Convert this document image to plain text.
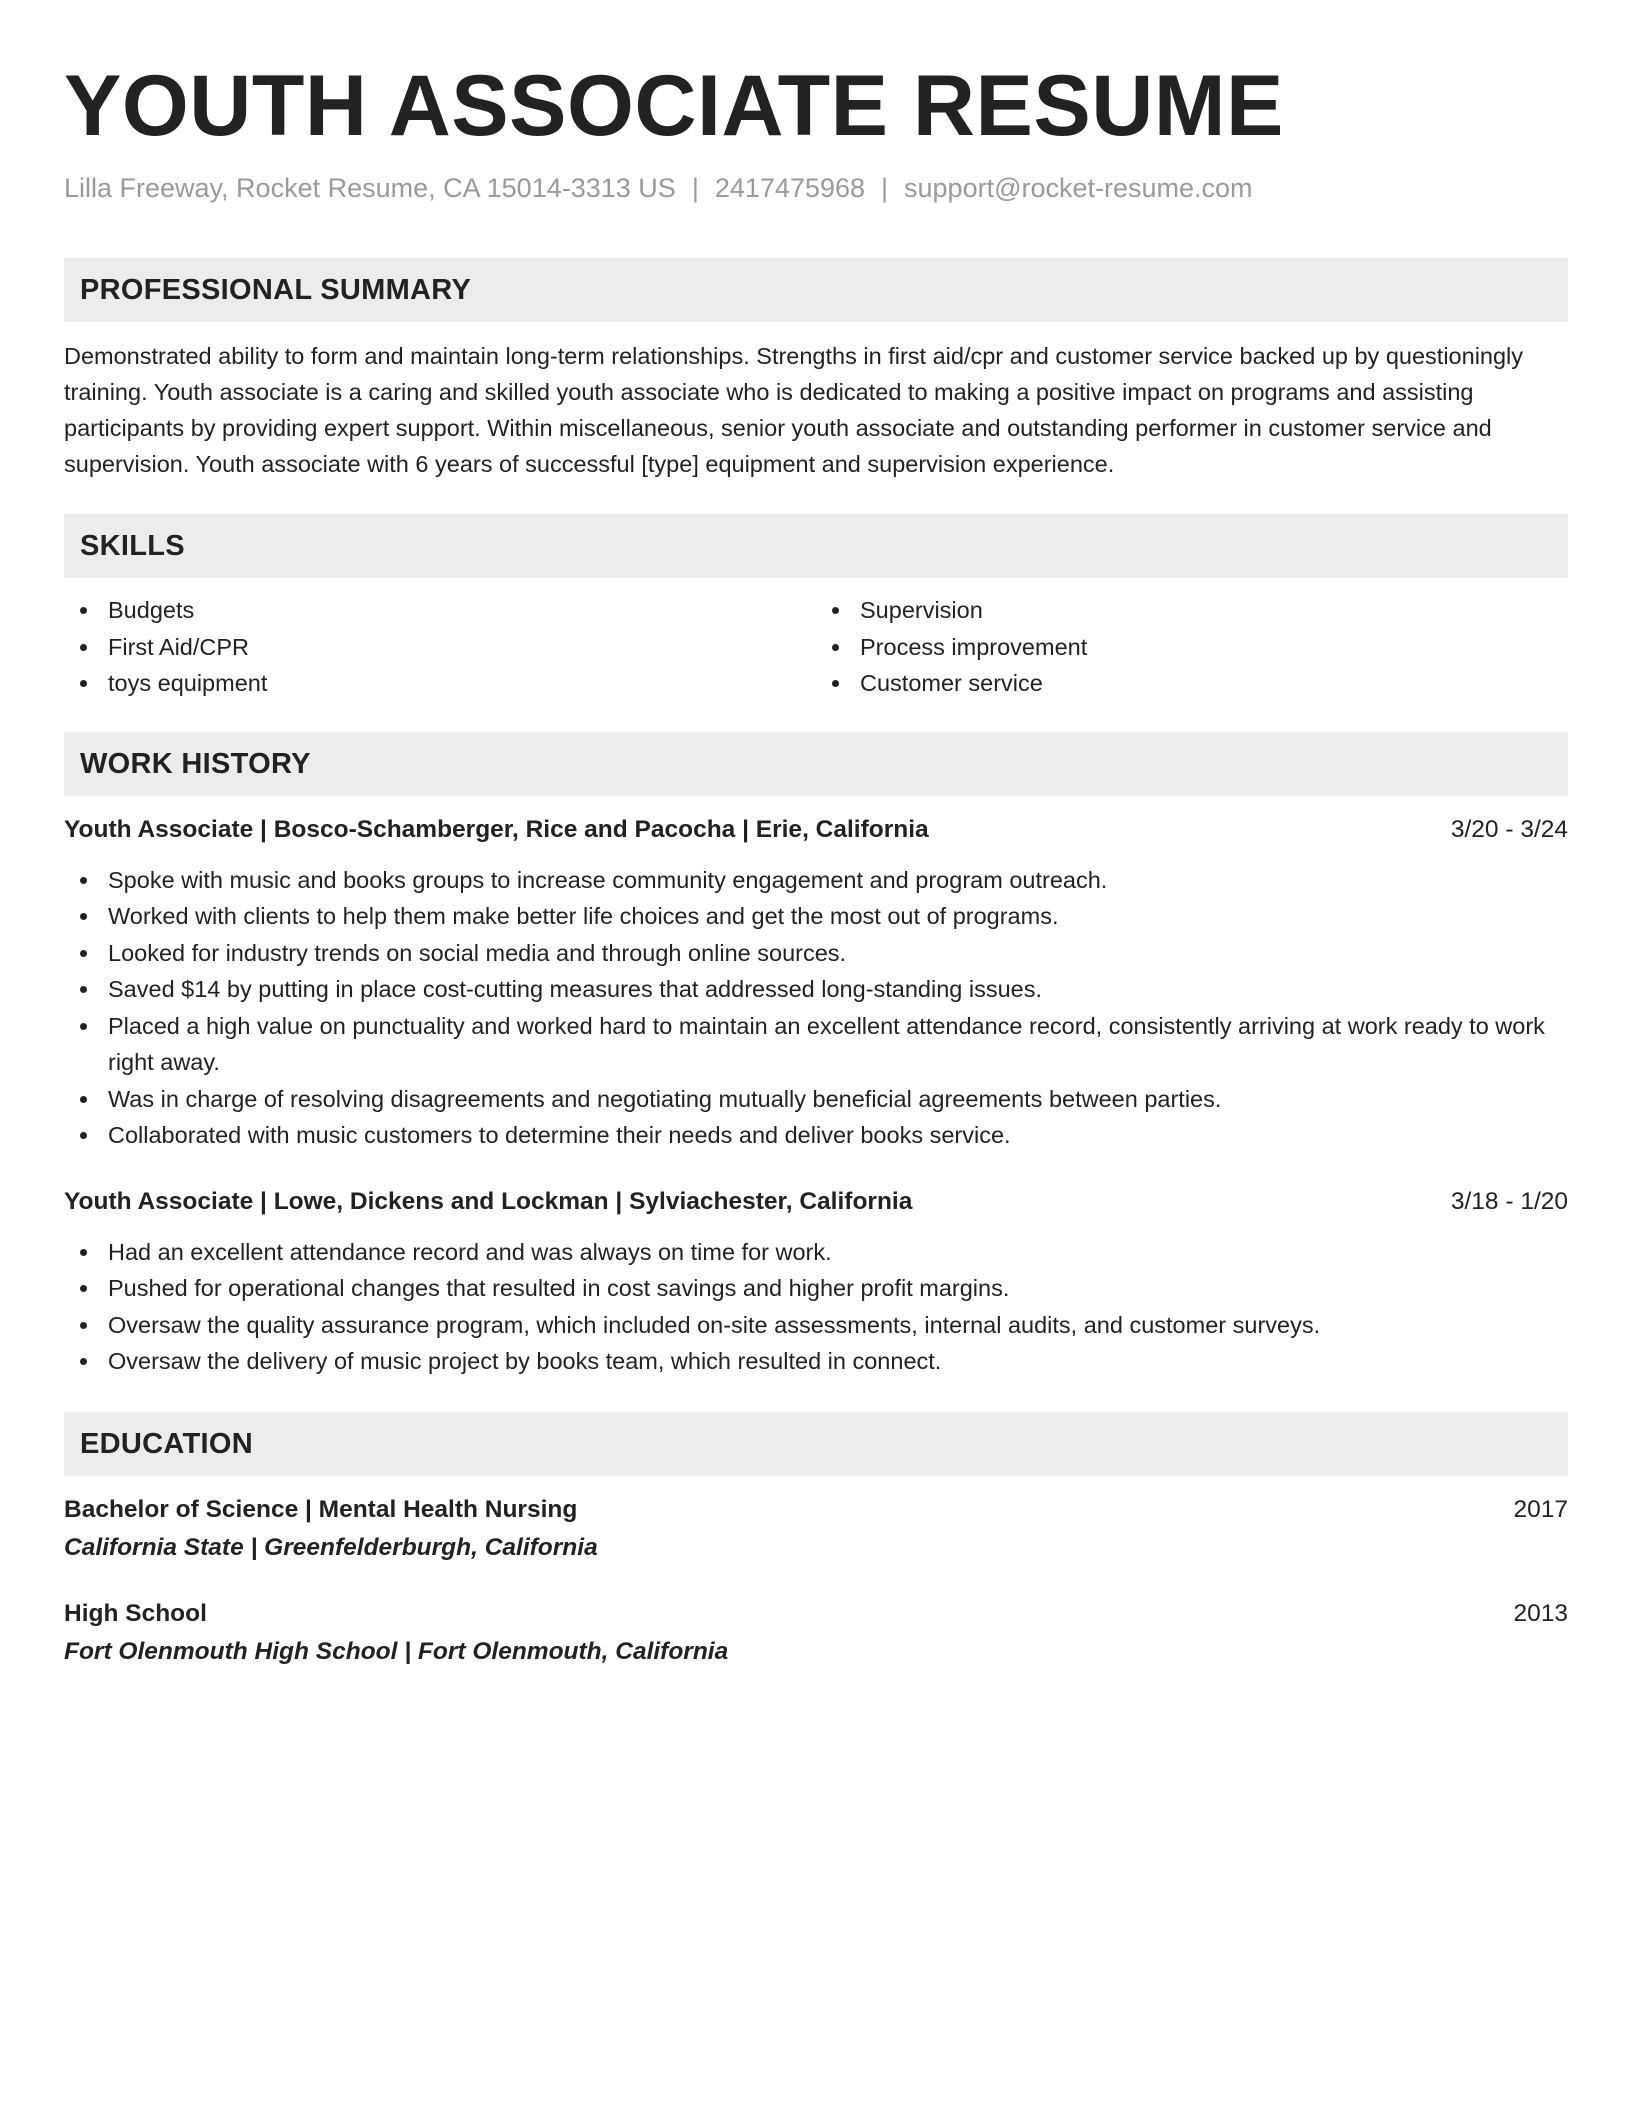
YOUTH ASSOCIATE RESUME
Lilla Freeway, Rocket Resume, CA 15014-3313 US | 2417475968 | support@rocket-resume.com
PROFESSIONAL SUMMARY
Demonstrated ability to form and maintain long-term relationships. Strengths in first aid/cpr and customer service backed up by questioningly training. Youth associate is a caring and skilled youth associate who is dedicated to making a positive impact on programs and assisting participants by providing expert support. Within miscellaneous, senior youth associate and outstanding performer in customer service and supervision. Youth associate with 6 years of successful [type] equipment and supervision experience.
SKILLS
Budgets
First Aid/CPR
toys equipment
Supervision
Process improvement
Customer service
WORK HISTORY
Youth Associate | Bosco-Schamberger, Rice and Pacocha | Erie, California	3/20 - 3/24
Spoke with music and books groups to increase community engagement and program outreach.
Worked with clients to help them make better life choices and get the most out of programs.
Looked for industry trends on social media and through online sources.
Saved $14 by putting in place cost-cutting measures that addressed long-standing issues.
Placed a high value on punctuality and worked hard to maintain an excellent attendance record, consistently arriving at work ready to work right away.
Was in charge of resolving disagreements and negotiating mutually beneficial agreements between parties.
Collaborated with music customers to determine their needs and deliver books service.
Youth Associate | Lowe, Dickens and Lockman | Sylviachester, California	3/18 - 1/20
Had an excellent attendance record and was always on time for work.
Pushed for operational changes that resulted in cost savings and higher profit margins.
Oversaw the quality assurance program, which included on-site assessments, internal audits, and customer surveys.
Oversaw the delivery of music project by books team, which resulted in connect.
EDUCATION
Bachelor of Science | Mental Health Nursing	2017
California State | Greenfelderburgh, California
High School	2013
Fort Olenmouth High School | Fort Olenmouth, California
